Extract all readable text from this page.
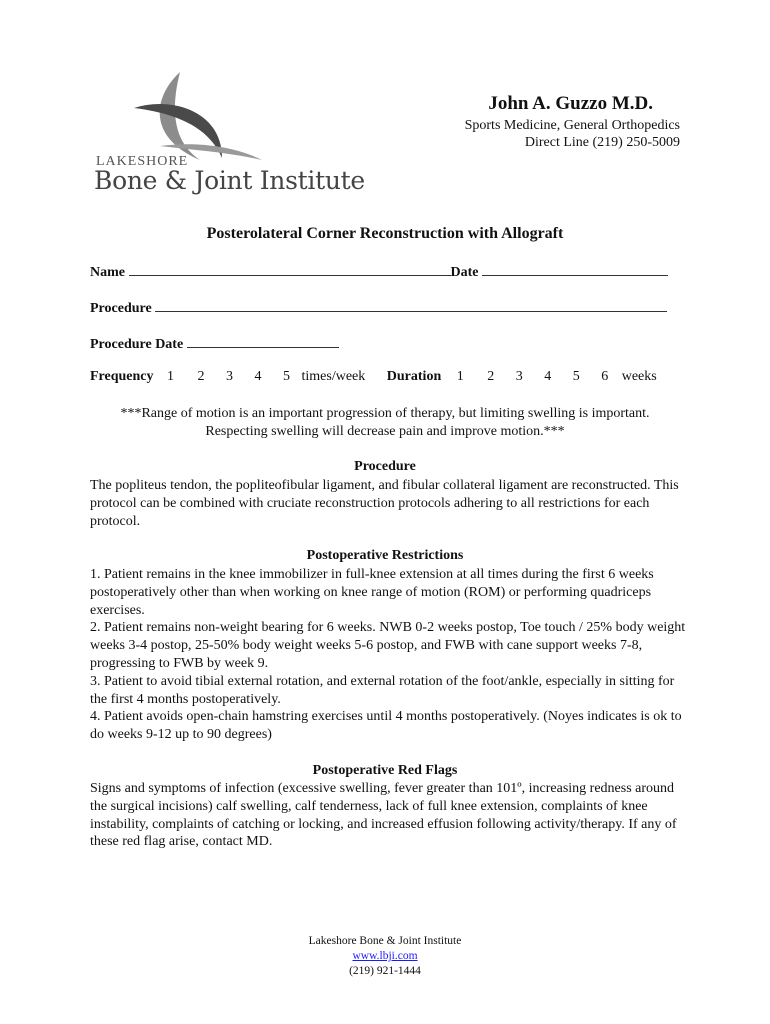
LAKESHORE
Bone & Joint Institute
John A. Guzzo M.D.
Sports Medicine, General Orthopedics
Direct Line (219) 250-5009
Posterolateral Corner Reconstruction with Allograft
Name	Date
Procedure
Procedure Date
Frequency 1 2 3 4 5 times/week Duration 1 2 3 4 5 6 weeks
***Range of motion is an important progression of therapy, but limiting swelling is important.
Respecting swelling will decrease pain and improve motion.***
Procedure

The popliteus tendon, the popliteofibular ligament, and fibular collateral ligament are reconstructed. This protocol can be combined with cruciate reconstruction protocols adhering to all restrictions for each protocol.

Postoperative Restrictions

1. Patient remains in the knee immobilizer in full-knee extension at all times during the first 6 weeks postoperatively other than when working on knee range of motion (ROM) or performing quadriceps exercises.

2. Patient remains non-weight bearing for 6 weeks. NWB 0-2 weeks postop, Toe touch / 25% body weight weeks 3-4 postop, 25-50% body weight weeks 5-6 postop, and FWB with cane support weeks 7-8, progressing to FWB by week 9.

3. Patient to avoid tibial external rotation, and external rotation of the foot/ankle, especially in sitting for the first 4 months postoperatively.

4. Patient avoids open-chain hamstring exercises until 4 months postoperatively. (Noyes indicates is ok to do weeks 9-12 up to 90 degrees)

Postoperative Red Flags

Signs and symptoms of infection (excessive swelling, fever greater than 101º, increasing redness around the surgical incisions) calf swelling, calf tenderness, lack of full knee extension, complaints of knee instability, complaints of catching or locking, and increased effusion following activity/therapy. If any of these red flag arise, contact MD.

Lakeshore Bone & Joint Institute
www.lbji.com
(219) 921-1444
